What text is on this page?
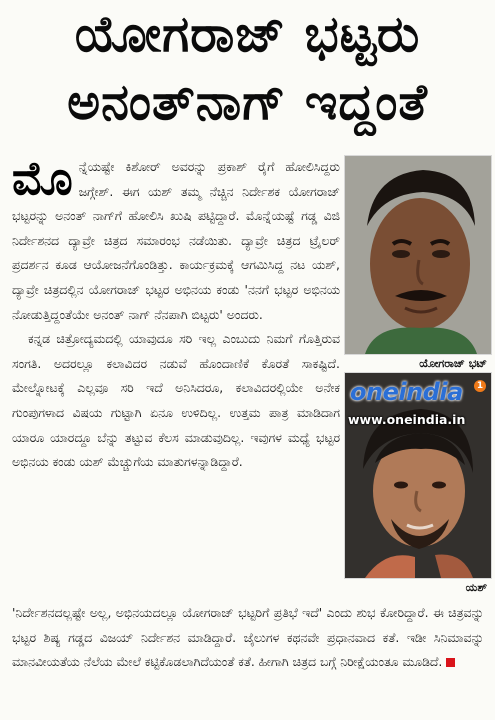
ಯೋಗರಾಜ್ ಭಟ್ಟರು
ಅನಂತ್‌ನಾಗ್ ಇದ್ದಂತೆ

ಮೊ ನ್ನೆಯಷ್ಟೇ ಕಿಶೋರ್ ಅವರನ್ನು ಪ್ರಕಾಶ್ ರೈಗೆ ಹೋಲಿಸಿದ್ದರು ಜಗ್ಗೇಶ್. ಈಗ ಯಶ್ ತಮ್ಮ ನೆಚ್ಚಿನ ನಿರ್ದೇಶಕ ಯೋಗರಾಜ್ ಭಟ್ಟರನ್ನು ಅನಂತ್ ನಾಗ್‌ಗೆ ಹೋಲಿಸಿ ಖುಷಿ ಪಟ್ಟಿದ್ದಾರೆ. ಮೊನ್ನೆಯಷ್ಟೆ ಗಡ್ಡ ವಿಜಿ ನಿರ್ದೇಶನದ ದ್ಯಾವ್ರೇ ಚಿತ್ರದ ಸಮಾರಂಭ ನಡೆಯಿತು. ದ್ಯಾವ್ರೇ ಚಿತ್ರದ ಟ್ರೈಲರ್ ಪ್ರದರ್ಶನ ಕೂಡ ಆಯೋಜನೆಗೊಂಡಿತ್ತು. ಕಾರ್ಯಕ್ರಮಕ್ಕೆ ಆಗಮಿಸಿದ್ದ ನಟ ಯಶ್, ದ್ಯಾವ್ರೇ ಚಿತ್ರದಲ್ಲಿನ ಯೋಗರಾಜ್ ಭಟ್ಟರ ಅಭಿನಯ ಕಂಡು 'ನನಗೆ ಭಟ್ಟರ ಅಭಿನಯ ನೋಡುತ್ತಿದ್ದಂತೆಯೇ ಅನಂತ್ ನಾಗ್ ನೆನಪಾಗಿ ಬಿಟ್ಟರು' ಅಂದರು.

ಕನ್ನಡ ಚಿತ್ರೋದ್ಯಮದಲ್ಲಿ ಯಾವುದೂ ಸರಿ ಇಲ್ಲ ಎಂಬುದು ನಿಮಗೆ ಗೊತ್ತಿರುವ ಸಂಗತಿ. ಅದರಲ್ಲೂ ಕಲಾವಿದರ ನಡುವೆ ಹೊಂದಾಣಿಕೆ ಕೊರತೆ ಸಾಕಷ್ಟಿದೆ. ಮೇಲ್ನೋಟಕ್ಕೆ ಎಲ್ಲವೂ ಸರಿ ಇದೆ ಅನಿಸಿದರೂ, ಕಲಾವಿದರಲ್ಲಿಯೇ ಅನೇಕ ಗುಂಪುಗಳಾದ ವಿಷಯ ಗುಟ್ಟಾಗಿ ಏನೂ ಉಳಿದಿಲ್ಲ. ಉತ್ತಮ ಪಾತ್ರ ಮಾಡಿದಾಗ ಯಾರೂ ಯಾರದ್ದೂ ಬೆನ್ನು ತಟ್ಟುವ ಕೆಲಸ ಮಾಡುವುದಿಲ್ಲ. ಇವುಗಳ ಮಧ್ಯೆ ಭಟ್ಟರ ಅಭಿನಯ ಕಂಡು ಯಶ್ ಮೆಚ್ಚುಗೆಯ ಮಾತುಗಳನ್ನಾಡಿದ್ದಾರೆ.

'ನಿರ್ದೇಶನದಲ್ಲಷ್ಟೇ ಅಲ್ಲ, ಅಭಿನಯದಲ್ಲೂ ಯೋಗರಾಜ್ ಭಟ್ಟರಿಗೆ ಪ್ರತಿಭೆ ಇದೆ' ಎಂದು ಶುಭ ಕೋರಿದ್ದಾರೆ. ಈ ಚಿತ್ರವನ್ನು ಭಟ್ಟರ ಶಿಷ್ಯ ಗಡ್ಡದ ವಿಜಯ್ ನಿರ್ದೇಶನ ಮಾಡಿದ್ದಾರೆ. ಜೈಲುಗಳ ಕಥನವೇ ಪ್ರಧಾನವಾದ ಕತೆ. ಇಡೀ ಸಿನಿಮಾವನ್ನು ಮಾನವೀಯತೆಯ ನೆಲೆಯ ಮೇಲೆ ಕಟ್ಟಿಕೊಡಲಾಗಿದೆಯಂತೆ ಕತೆ. ಹೀಗಾಗಿ ಚಿತ್ರದ ಬಗ್ಗೆ ನಿರೀಕ್ಷೆಯಂತೂ ಮೂಡಿದೆ.

ಯೋಗರಾಜ್ ಭಟ್
oneindia	1
www.oneindia.in
ಯಶ್
